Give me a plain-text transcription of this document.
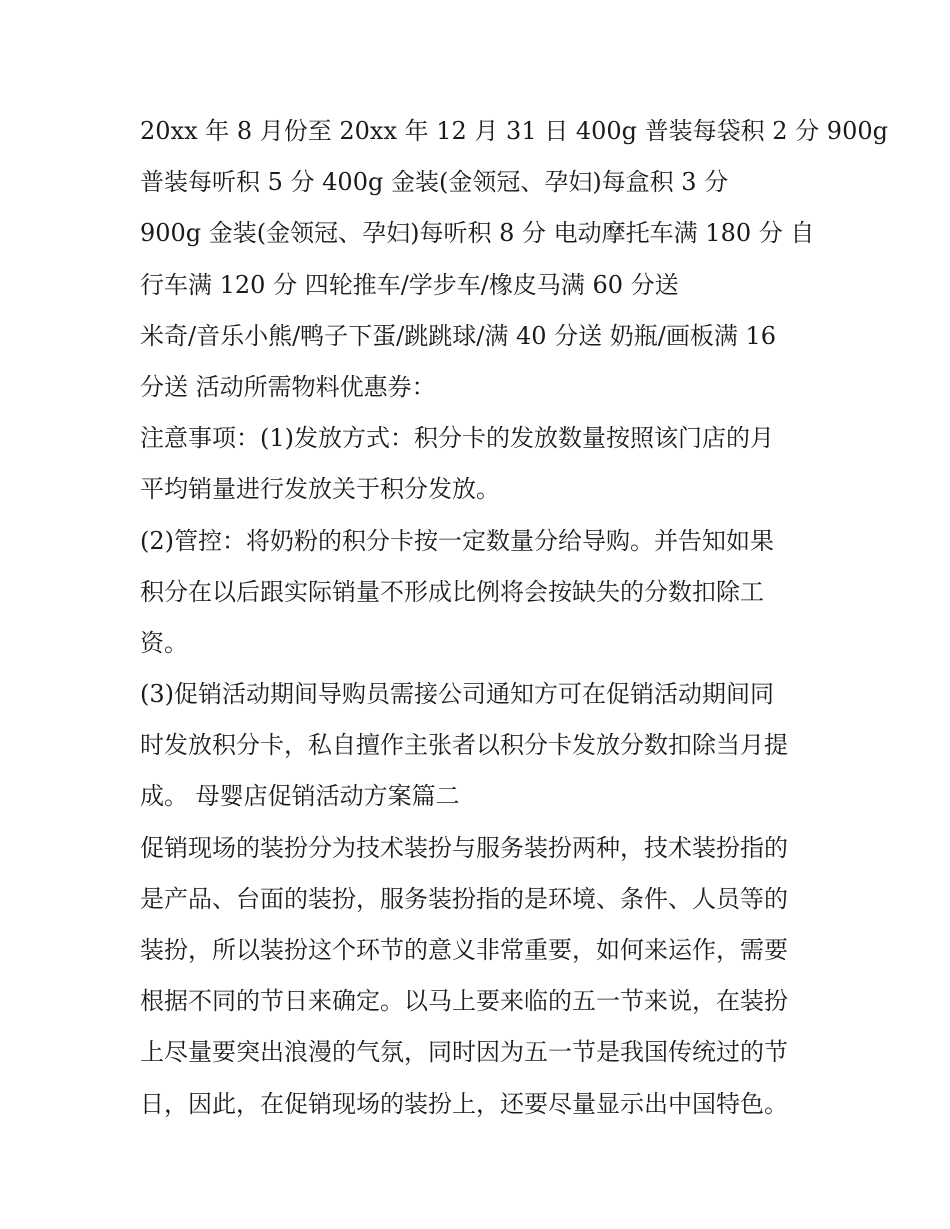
20xx 年 8 月份至 20xx 年 12 月 31 日 400g 普装每袋积 2 分 900g
普装每听积 5 分 400g 金装(金领冠、孕妇)每盒积 3 分
900g 金装(金领冠、孕妇)每听积 8 分 电动摩托车满 180 分 自
行车满 120 分 四轮推车/学步车/橡皮马满 60 分送
米奇/音乐小熊/鸭子下蛋/跳跳球/满 40 分送 奶瓶/画板满 16
分送 活动所需物料优惠券：
注意事项：(1)发放方式：积分卡的发放数量按照该门店的月
平均销量进行发放关于积分发放。
(2)管控：将奶粉的积分卡按一定数量分给导购。并告知如果
积分在以后跟实际销量不形成比例将会按缺失的分数扣除工
资。
(3)促销活动期间导购员需接公司通知方可在促销活动期间同
时发放积分卡，私自擅作主张者以积分卡发放分数扣除当月提
成。 母婴店促销活动方案篇二
促销现场的装扮分为技术装扮与服务装扮两种，技术装扮指的
是产品、台面的装扮，服务装扮指的是环境、条件、人员等的
装扮，所以装扮这个环节的意义非常重要，如何来运作，需要
根据不同的节日来确定。以马上要来临的五一节来说，在装扮
上尽量要突出浪漫的气氛，同时因为五一节是我国传统过的节
日，因此，在促销现场的装扮上，还要尽量显示出中国特色。
